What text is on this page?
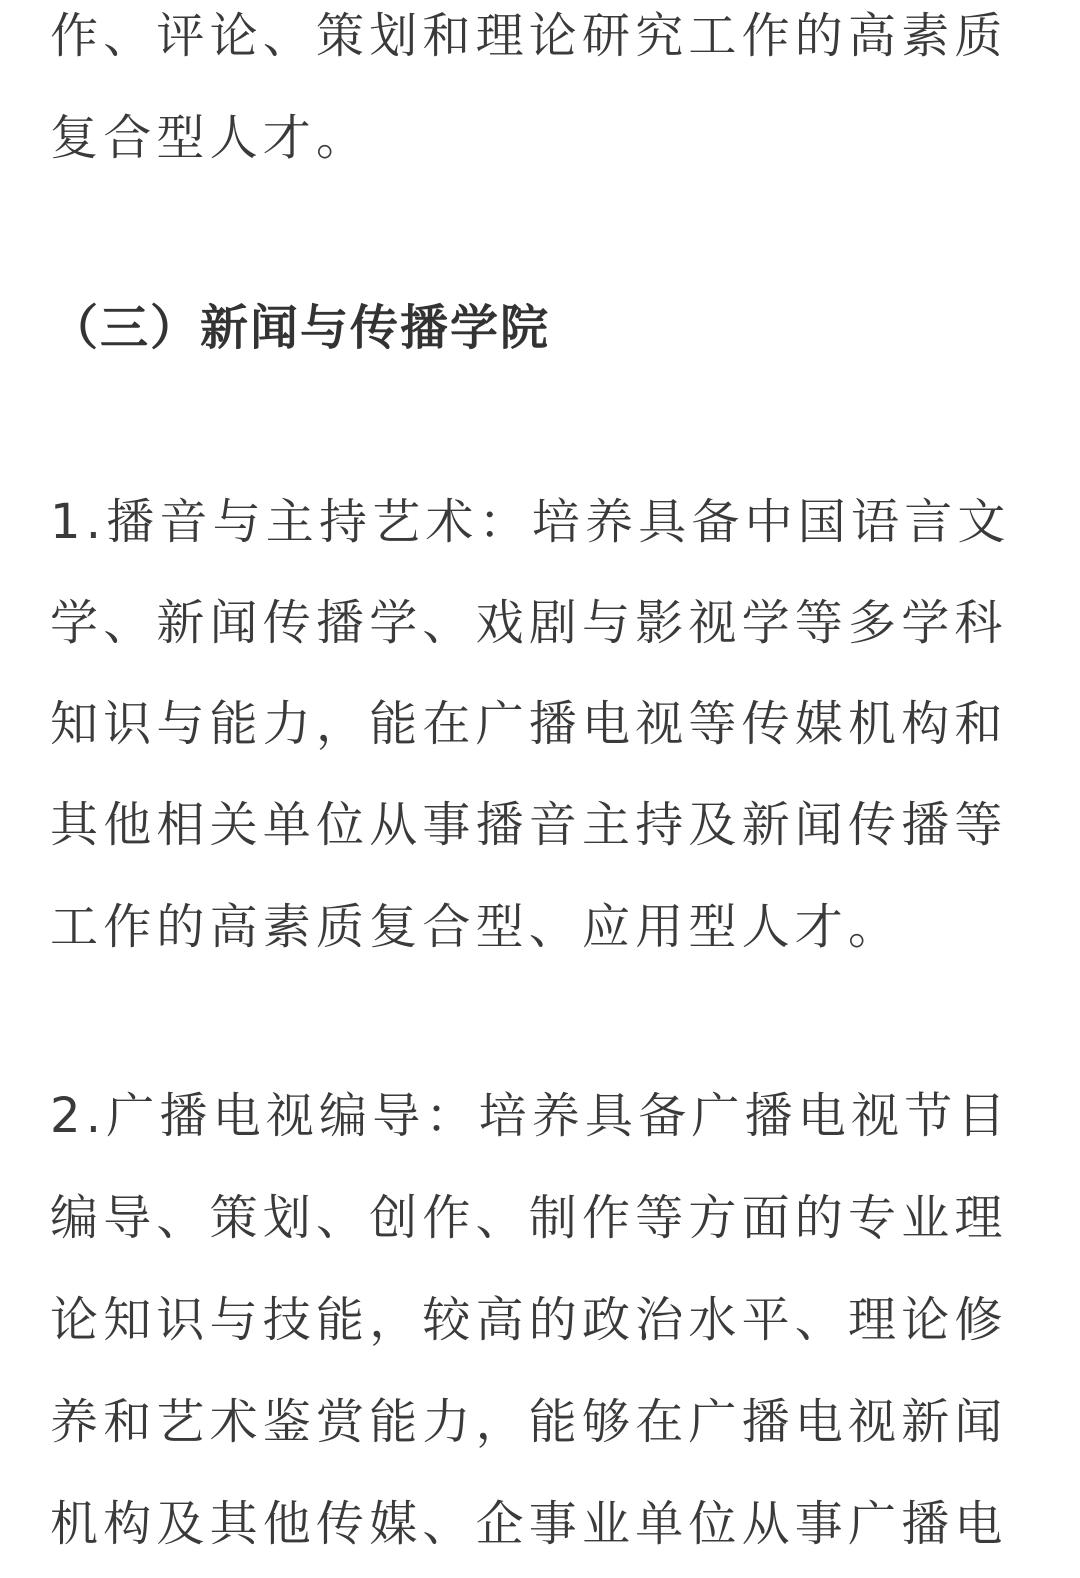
作、评论、策划和理论研究工作的高素质

复合型人才。

（三）新闻与传播学院

1.播音与主持艺术：培养具备中国语言文

学、新闻传播学、戏剧与影视学等多学科

知识与能力，能在广播电视等传媒机构和

其他相关单位从事播音主持及新闻传播等

工作的高素质复合型、应用型人才。

2.广播电视编导：培养具备广播电视节目

编导、策划、创作、制作等方面的专业理

论知识与技能，较高的政治水平、理论修

养和艺术鉴赏能力，能够在广播电视新闻

机构及其他传媒、企事业单位从事广播电
